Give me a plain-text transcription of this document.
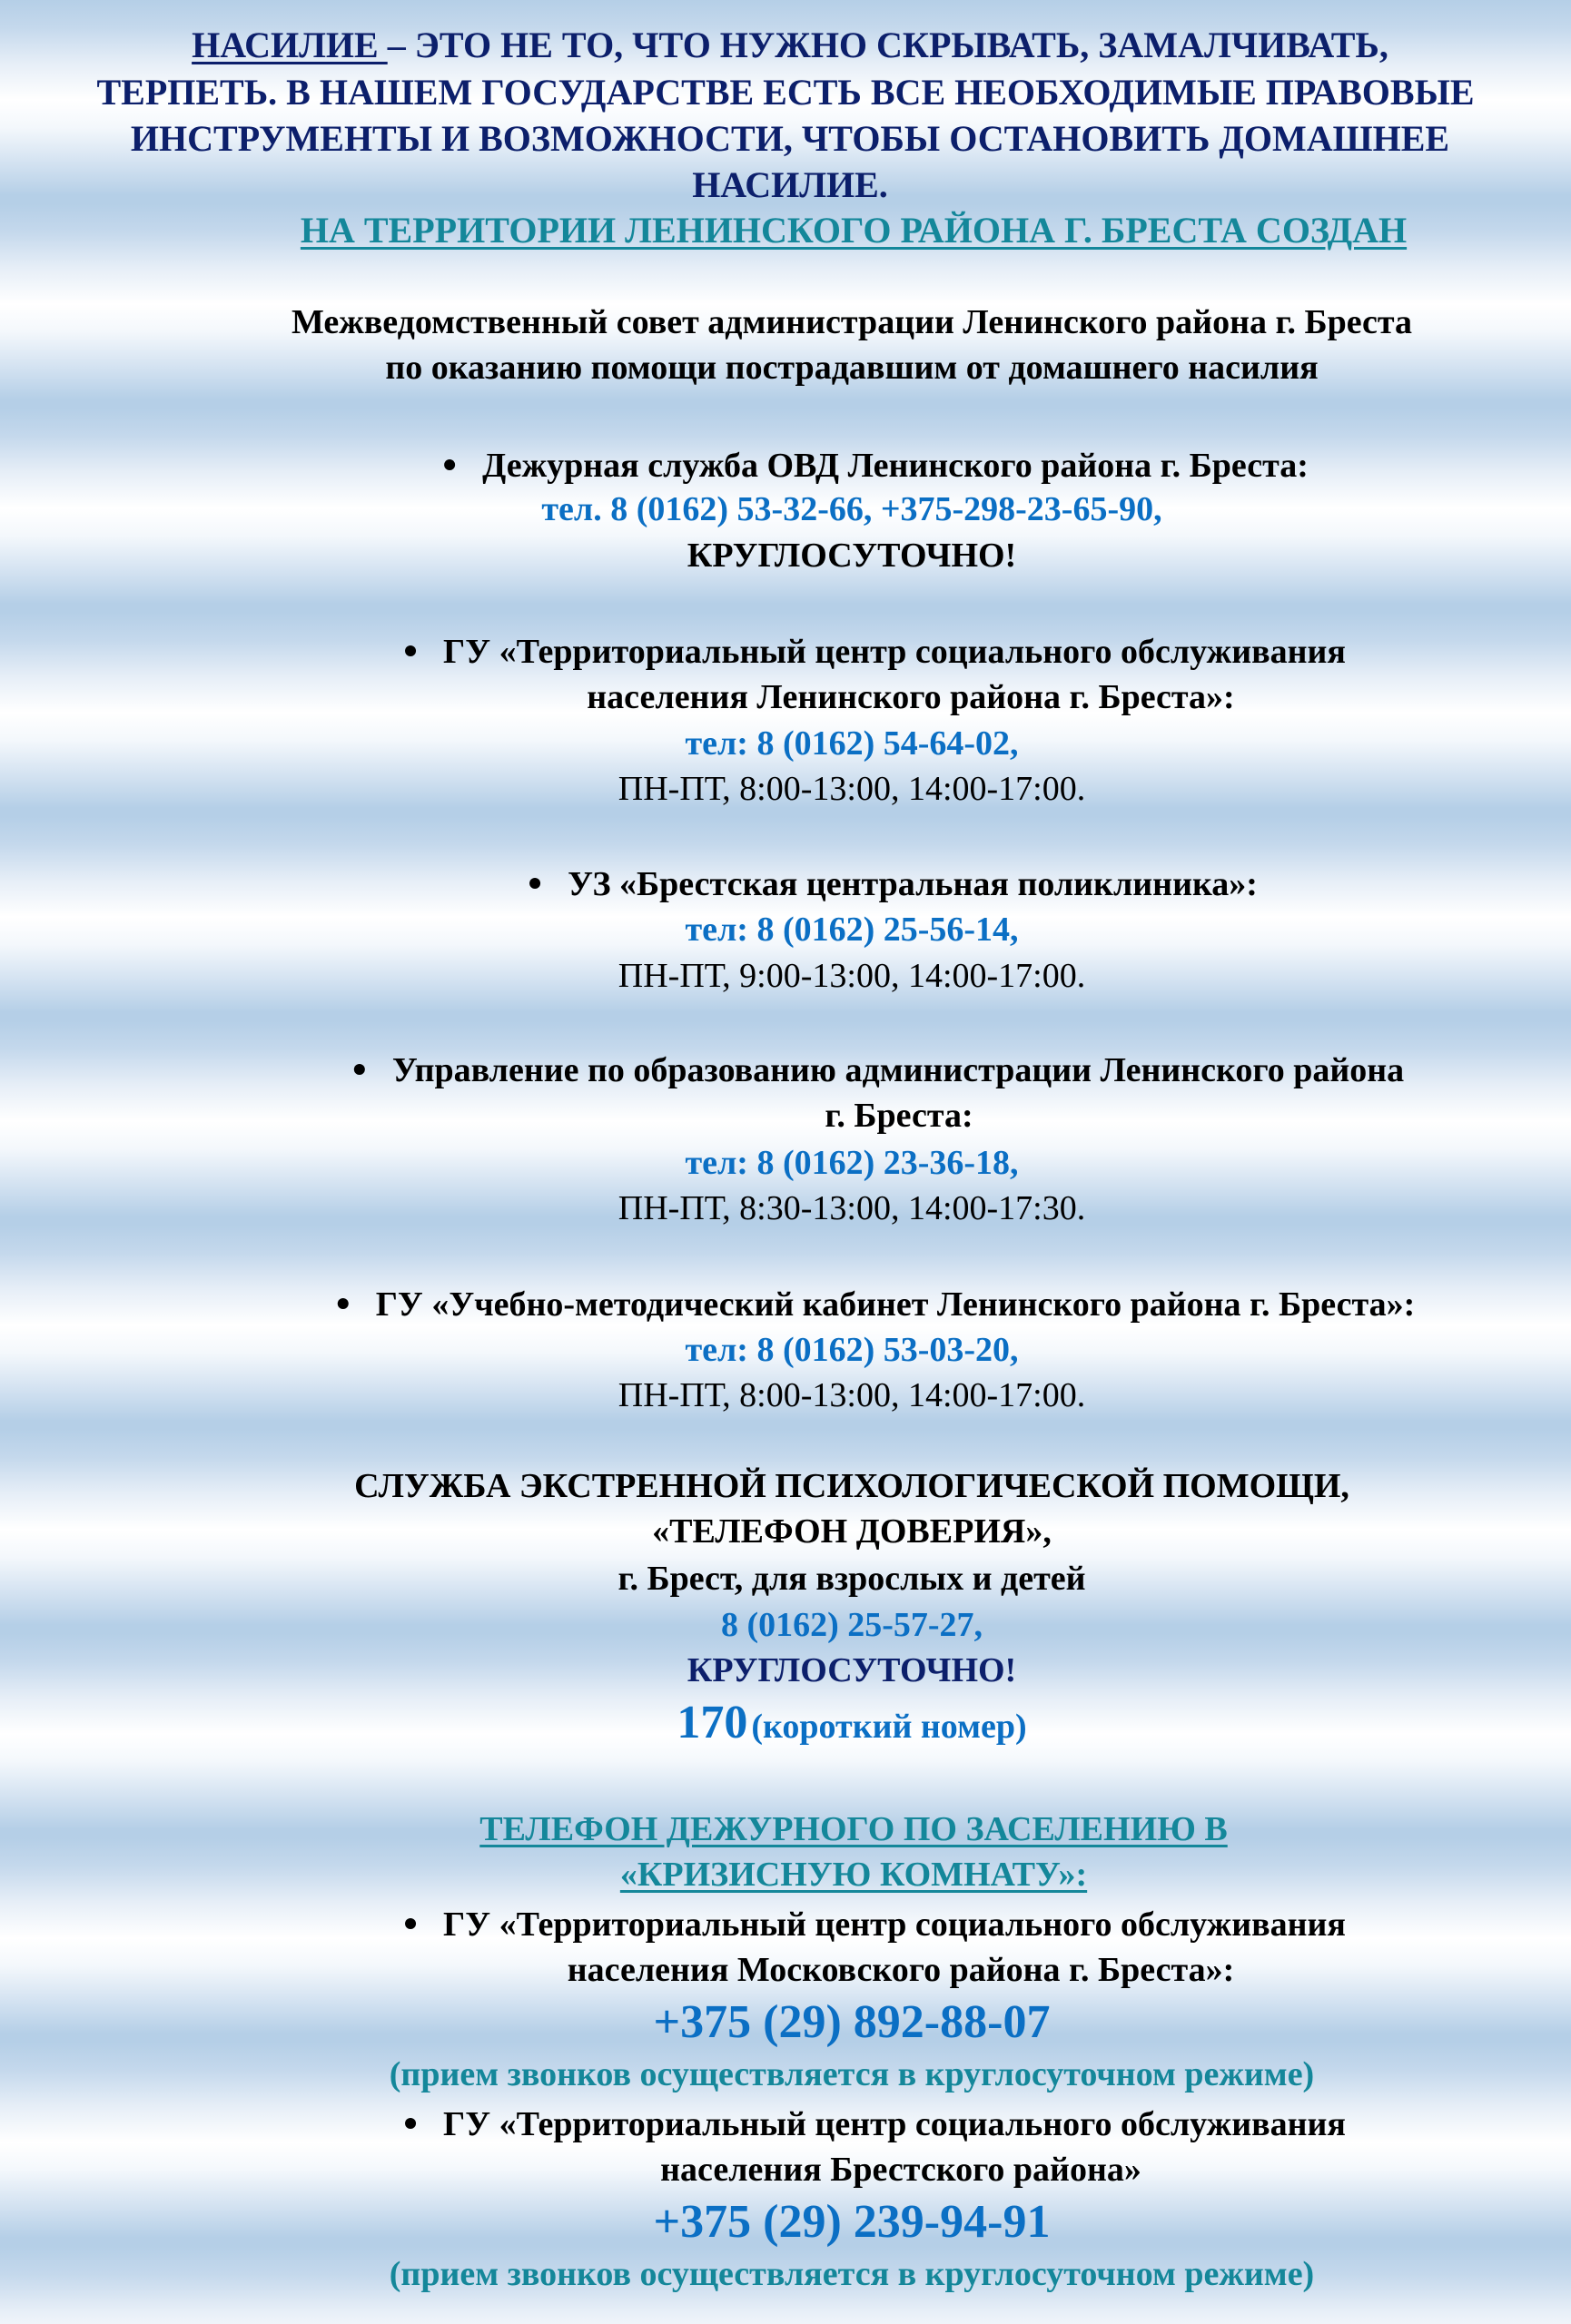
НАСИЛИЕ – ЭТО НЕ ТО, ЧТО НУЖНО СКРЫВАТЬ, ЗАМАЛЧИВАТЬ,
ТЕРПЕТЬ. В НАШЕМ ГОСУДАРСТВЕ ЕСТЬ ВСЕ НЕОБХОДИМЫЕ ПРАВОВЫЕ
ИНСТРУМЕНТЫ И ВОЗМОЖНОСТИ, ЧТОБЫ ОСТАНОВИТЬ ДОМАШНЕЕ
НАСИЛИЕ.
НА ТЕРРИТОРИИ ЛЕНИНСКОГО РАЙОНА Г. БРЕСТА СОЗДАН
Межведомственный совет администрации Ленинского района г. Бреста
по оказанию помощи пострадавшим от домашнего насилия
Дежурная служба ОВД Ленинского района г. Бреста:
тел. 8 (0162) 53-32-66, +375-298-23-65-90,
КРУГЛОСУТОЧНО!
ГУ «Территориальный центр социального обслуживания
населения Ленинского района г. Бреста»:
тел: 8 (0162) 54-64-02,
ПН-ПТ, 8:00-13:00, 14:00-17:00.
УЗ «Брестская центральная поликлиника»:
тел: 8 (0162) 25-56-14,
ПН-ПТ, 9:00-13:00, 14:00-17:00.
Управление по образованию администрации Ленинского района
г. Бреста:
тел: 8 (0162) 23-36-18,
ПН-ПТ, 8:30-13:00, 14:00-17:30.
ГУ «Учебно-методический кабинет Ленинского района г. Бреста»:
тел: 8 (0162) 53-03-20,
ПН-ПТ, 8:00-13:00, 14:00-17:00.
СЛУЖБА ЭКСТРЕННОЙ ПСИХОЛОГИЧЕСКОЙ ПОМОЩИ,
«ТЕЛЕФОН ДОВЕРИЯ»,
г. Брест, для взрослых и детей
8 (0162) 25-57-27,
КРУГЛОСУТОЧНО!
170 (короткий номер)
ТЕЛЕФОН ДЕЖУРНОГО ПО ЗАСЕЛЕНИЮ В
«КРИЗИСНУЮ КОМНАТУ»:
ГУ «Территориальный центр социального обслуживания
населения Московского района г. Бреста»:
+375 (29) 892-88-07
(прием звонков осуществляется в круглосуточном режиме)
ГУ «Территориальный центр социального обслуживания
населения Брестского района»
+375 (29) 239-94-91
(прием звонков осуществляется в круглосуточном режиме)
